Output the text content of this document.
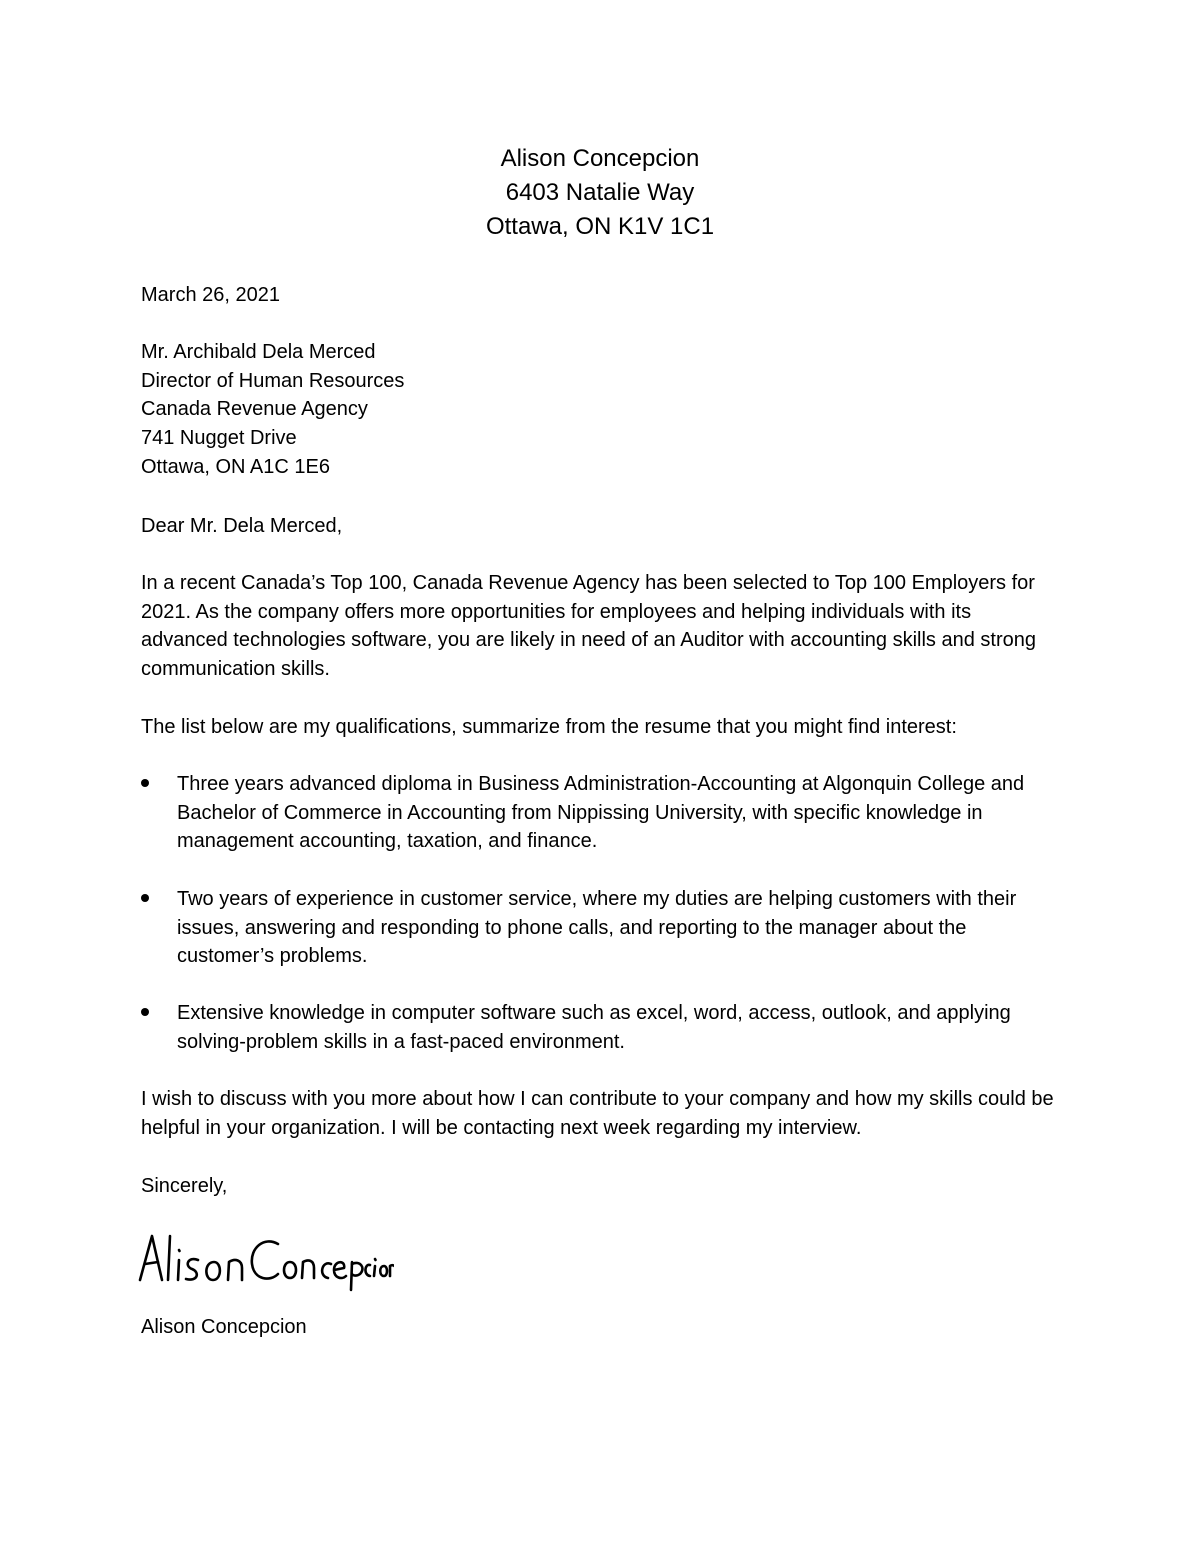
Alison Concepcion
6403 Natalie Way
Ottawa, ON K1V 1C1
March 26, 2021
Mr. Archibald Dela Merced
Director of Human Resources
Canada Revenue Agency
741 Nugget Drive
Ottawa, ON A1C 1E6
Dear Mr. Dela Merced,
In a recent Canada’s Top 100, Canada Revenue Agency has been selected to Top 100 Employers for 2021. As the company offers more opportunities for employees and helping individuals with its advanced technologies software, you are likely in need of an Auditor with accounting skills and strong communication skills.
The list below are my qualifications, summarize from the resume that you might find interest:
Three years advanced diploma in Business Administration-Accounting at Algonquin College and Bachelor of Commerce in Accounting from Nippissing University, with specific knowledge in management accounting, taxation, and finance.
Two years of experience in customer service, where my duties are helping customers with their issues, answering and responding to phone calls, and reporting to the manager about the customer’s problems.
Extensive knowledge in computer software such as excel, word, access, outlook, and applying solving-problem skills in a fast-paced environment.
I wish to discuss with you more about how I can contribute to your company and how my skills could be helpful in your organization. I will be contacting next week regarding my interview.
Sincerely,
Alison Concepcion
